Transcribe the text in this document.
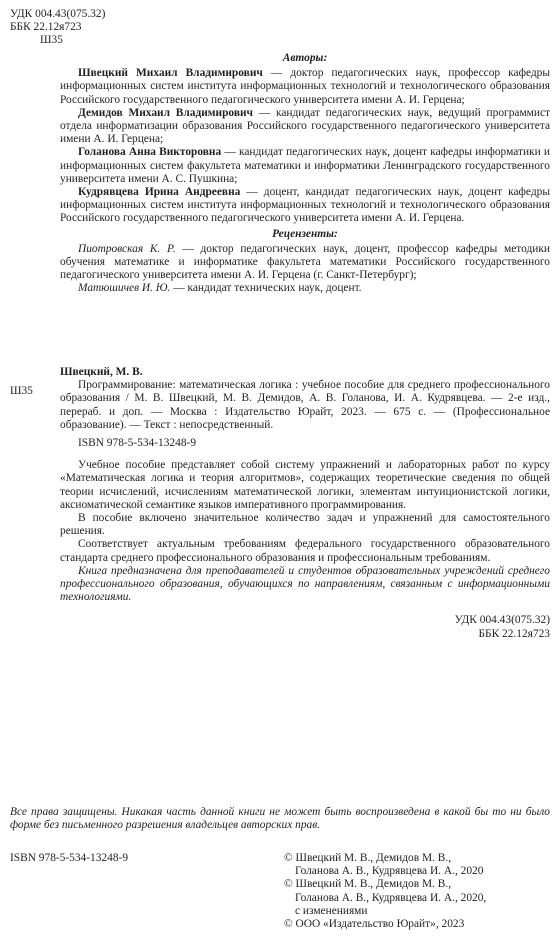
УДК 004.43(075.32)
ББК 22.12я723
Ш35
Авторы:

Швецкий Михаил Владимирович — доктор педагогических наук, профессор кафедры информационных систем института информационных технологий и технологического образования Российского государственного педагогического университета имени А. И. Герцена;

Демидов Михаил Владимирович — кандидат педагогических наук, ведущий программист отдела информатизации образования Российского государственного педагогического университета имени А. И. Герцена;

Голанова Анна Викторовна — кандидат педагогических наук, доцент кафедры информатики и информационных систем факультета математики и информатики Ленинградского государственного университета имени А. С. Пушкина;

Кудрявцева Ирина Андреевна — доцент, кандидат педагогических наук, доцент кафедры информационных систем института информационных технологий и технологического образования Российского государственного педагогического университета имени А. И. Герцена.

Рецензенты:

Пиотровская К. Р. — доктор педагогических наук, доцент, профессор кафедры методики обучения математике и информатике факультета математики Российского государственного педагогического университета имени А. И. Герцена (г. Санкт-Петербург);

Матюшичев И. Ю. — кандидат технических наук, доцент.

Ш35
Швецкий, М. В.

Программирование: математическая логика : учебное пособие для среднего профессионального образования / М. В. Швецкий, М. В. Демидов, А. В. Голанова, И. А. Кудрявцева. — 2-е изд., перераб. и доп. — Москва : Издательство Юрайт, 2023. — 675 с. — (Профессиональное образование). — Текст : непосредственный.

ISBN 978-5-534-13248-9

Учебное пособие представляет собой систему упражнений и лабораторных работ по курсу «Математическая логика и теория алгоритмов», содержащих теоретические сведения по общей теории исчислений, исчислениям математической логики, элементам интуиционистской логики, аксиоматической семантике языков императивного программирования.

В пособие включено значительное количество задач и упражнений для самостоятельного решения.

Соответствует актуальным требованиям федерального государственного образовательного стандарта среднего профессионального образования и профессиональным требованиям.

Книга предназначена для преподавателей и студентов образовательных учреждений среднего профессионального образования, обучающихся по направлениям, связанным с информационными технологиями.

УДК 004.43(075.32)
ББК 22.12я723
Все права защищены. Никакая часть данной книги не может быть воспроизведена в какой бы то ни было форме без письменного разрешения владельцев авторских прав.
ISBN 978-5-534-13248-9	© Швецкий М. В., Демидов М. В.,
Голанова А. В., Кудрявцева И. А., 2020
© Швецкий М. В., Демидов М. В.,
Голанова А. В., Кудрявцева И. А., 2020,
с изменениями
© ООО «Издательство Юрайт», 2023
